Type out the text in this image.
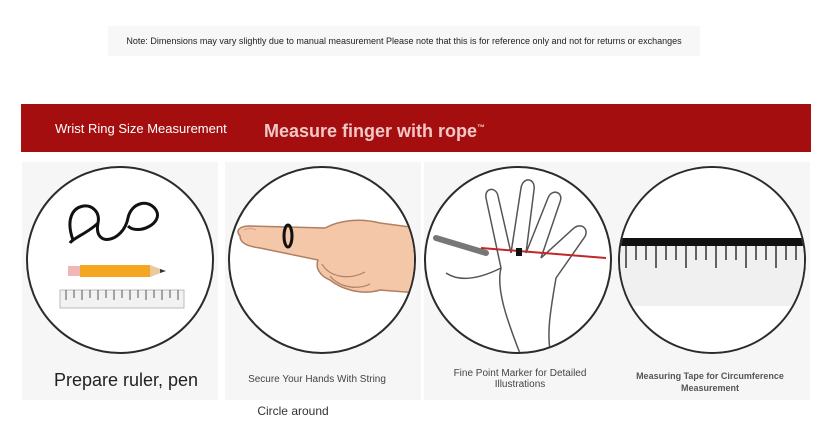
Note: Dimensions may vary slightly due to manual measurement Please note that this is for reference only and not for returns or exchanges
Wrist Ring Size Measurement Measure finger with rope™
Prepare ruler, pen
Circle around
Secure Your Hands With String
Fine Point Marker for Detailed Illustrations
Measuring Tape for Circumference Measurement
